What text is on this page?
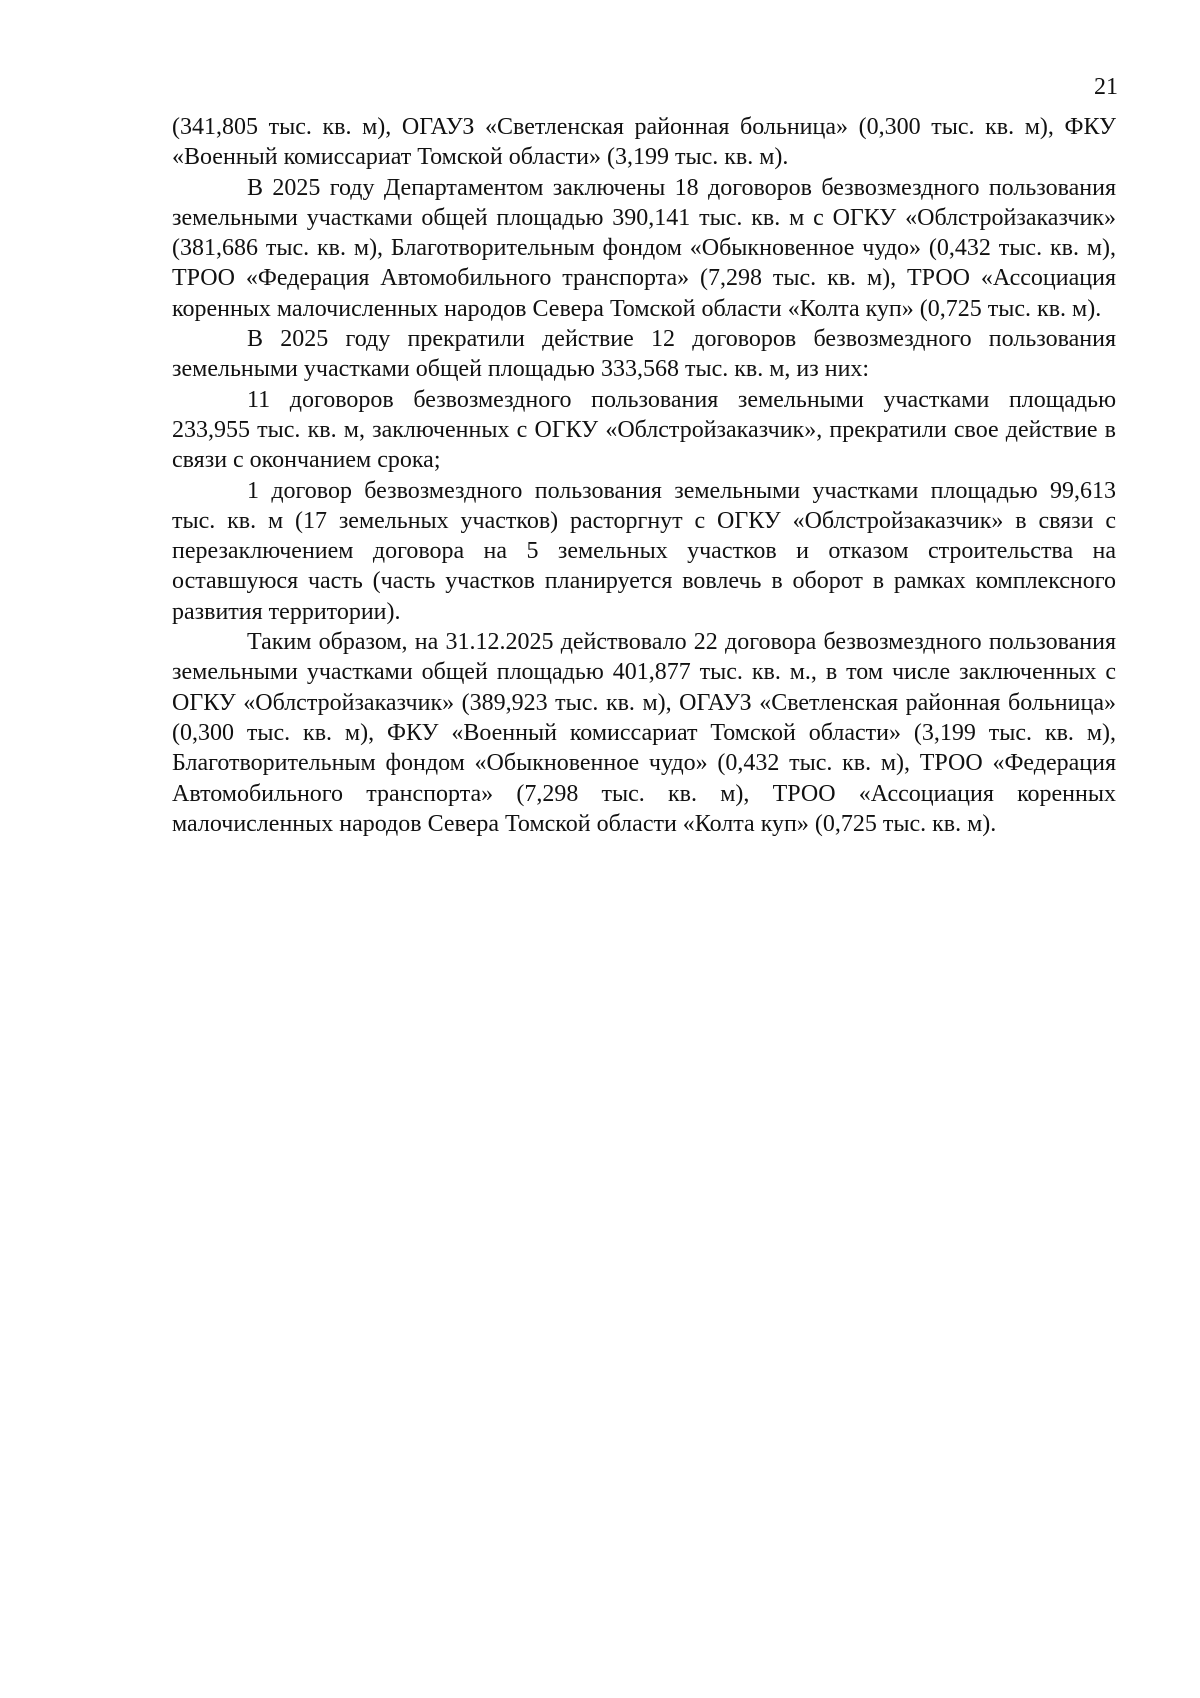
21

(341,805 тыс. кв. м), ОГАУЗ «Светленская районная больница» (0,300 тыс. кв. м), ФКУ «Военный комиссариат Томской области» (3,199 тыс. кв. м).

В 2025 году Департаментом заключены 18 договоров безвозмездного пользования земельными участками общей площадью 390,141 тыс. кв. м с ОГКУ «Облстройзаказчик» (381,686 тыс. кв. м), Благотворительным фондом «Обыкновенное чудо» (0,432 тыс. кв. м), ТРОО «Федерация Автомобильного транспорта» (7,298 тыс. кв. м), ТРОО «Ассоциация коренных малочисленных народов Севера Томской области «Колта куп» (0,725 тыс. кв. м).

В 2025 году прекратили действие 12 договоров безвозмездного пользования земельными участками общей площадью 333,568 тыс. кв. м, из них:

11 договоров безвозмездного пользования земельными участками площадью 233,955 тыс. кв. м, заключенных с ОГКУ «Облстройзаказчик», прекратили свое действие в связи с окончанием срока;

1 договор безвозмездного пользования земельными участками площадью 99,613 тыс. кв. м (17 земельных участков) расторгнут с ОГКУ «Облстройзаказчик» в связи с перезаключением договора на 5 земельных участков и отказом строительства на оставшуюся часть (часть участков планируется вовлечь в оборот в рамках комплексного развития территории).

Таким образом, на 31.12.2025 действовало 22 договора безвозмездного пользования земельными участками общей площадью 401,877 тыс. кв. м., в том числе заключенных с ОГКУ «Облстройзаказчик» (389,923 тыс. кв. м), ОГАУЗ «Светленская районная больница» (0,300 тыс. кв. м), ФКУ «Военный комиссариат Томской области» (3,199 тыс. кв. м), Благотворительным фондом «Обыкновенное чудо» (0,432 тыс. кв. м), ТРОО «Федерация Автомобильного транспорта» (7,298 тыс. кв. м), ТРОО «Ассоциация коренных малочисленных народов Севера Томской области «Колта куп» (0,725 тыс. кв. м).
